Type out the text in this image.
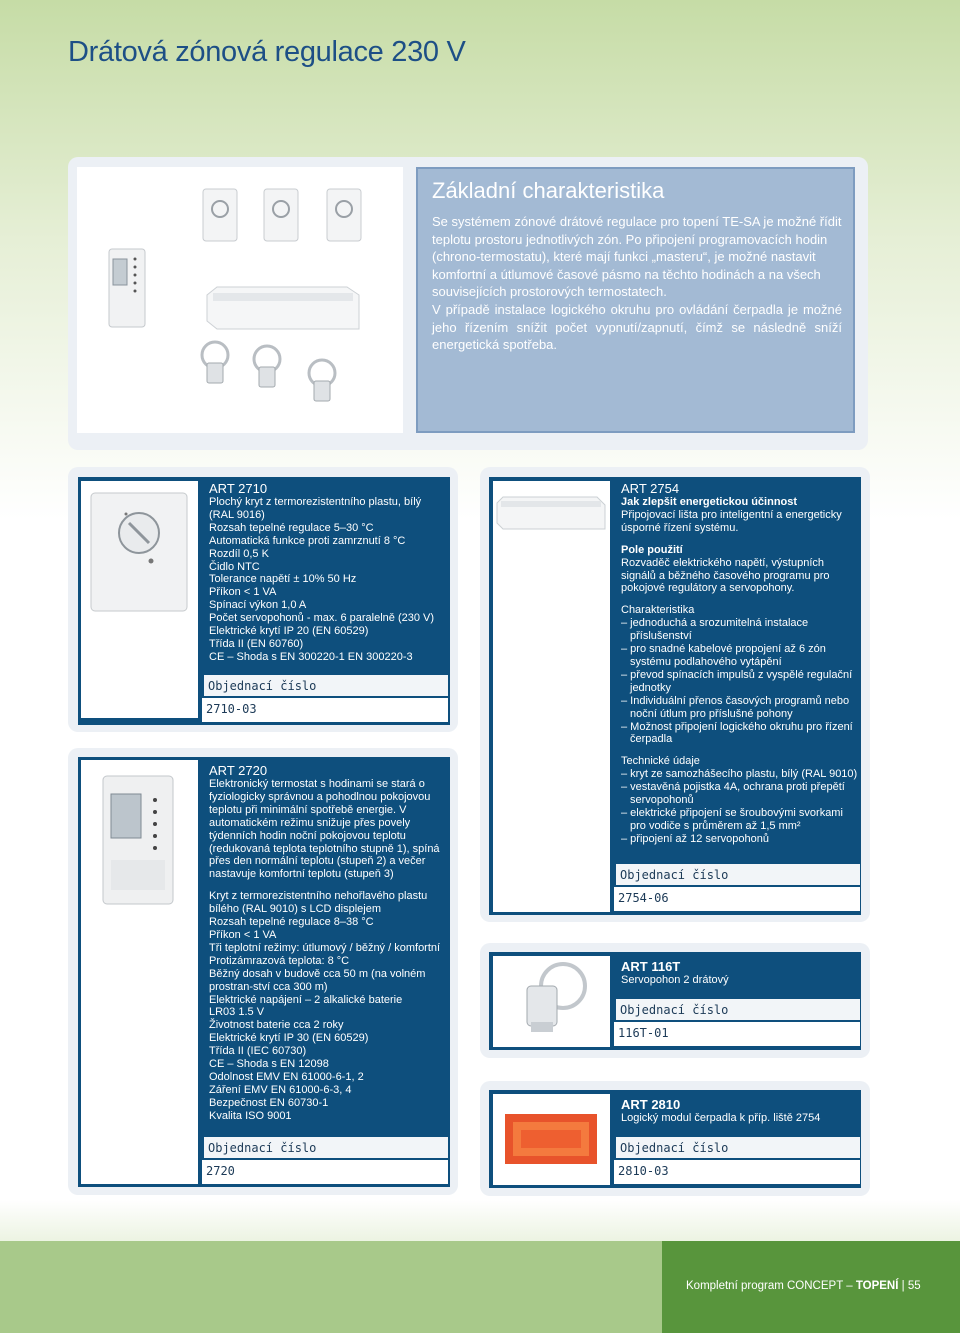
Drátová zónová regulace 230 V
Základní charakteristika

Se systémem zónové drátové regulace pro topení TE-SA je možné řídit teplotu prostoru jednotlivých zón. Po připojení programovacích hodin (chrono-termostatu), které mají funkci „masteru“, je možné nastavit komfortní a útlumové časové pásmo na těchto hodinách a na všech souvisejících prostorových termostatech.

V případě instalace logického okruhu pro ovládání čerpadla je možné jeho řízením snížit počet vypnutí/zapnutí, čímž se následně sníží energetická spotřeba.

ART 2710

Plochý kryt z termorezistentního plastu, bílý

(RAL 9016)

Rozsah tepelné regulace 5–30 °C

Automatická funkce proti zamrznutí 8 °C

Rozdíl 0,5 K

Čidlo NTC

Tolerance napětí ± 10% 50 Hz

Příkon < 1 VA

Spínací výkon 1,0 A

Počet servopohonů - max. 6 paralelně (230 V)

Elektrické krytí IP 20 (EN 60529)

Třída II (EN 60760)

CE – Shoda s EN 300220-1 EN 300220-3

Objednací číslo
2710-03
ART 2720

Elektronický termostat s hodinami se stará o fyziologicky správnou a pohodlnou pokojovou teplotu při minimální spotřebě energie. V automatickém režimu snižuje přes povely týdenních hodin noční pokojovou teplotu (redukovaná teplota teplotního stupně 1), spíná přes den normální teplotu (stupeň 2) a večer nastavuje komfortní teplotu (stupeň 3)

Kryt z termorezistentního nehořlavého plastu

bílého (RAL 9010) s LCD displejem

Rozsah tepelné regulace 8–38 °C

Příkon < 1 VA

Tři teplotní režimy: útlumový / běžný / komfortní

Protizámrazová teplota: 8 °C

Běžný dosah v budově cca 50 m (na volném

prostran-ství cca 300 m)

Elektrické napájení – 2 alkalické baterie

LR03 1.5 V

Životnost baterie cca 2 roky

Elektrické krytí IP 30 (EN 60529)

Třída II (IEC 60730)

CE – Shoda s EN 12098

Odolnost EMV EN 61000-6-1, 2

Záření EMV EN 61000-6-3, 4

Bezpečnost EN 60730-1

Kvalita ISO 9001

Objednací číslo
2720
ART 2754

Jak zlepšit energetickou účinnost

Připojovací lišta pro inteligentní a energeticky úsporné řízení systému.

Pole použití

Rozvaděč elektrického napětí, výstupních signálů a běžného časového programu pro pokojové regulátory a servopohony.

Charakteristika

– jednoduchá a srozumitelná instalace příslušenství
– pro snadné kabelové propojení až 6 zón systému podlahového vytápění
– převod spínacích impulsů z vyspělé regulační jednotky
– Individuální přenos časových programů nebo noční útlum pro příslušné pohony
– Možnost připojení logického okruhu pro řízení čerpadla

Technické údaje

– kryt ze samozhášecího plastu, bílý (RAL 9010)
– vestavěná pojistka 4A, ochrana proti přepětí servopohonů
– elektrické připojení se šroubovými svorkami pro vodiče s průměrem až 1,5 mm²
– připojení až 12 servopohonů
Objednací číslo
2754-06
ART 116T

Servopohon 2 drátový

Objednací číslo
116T-01
ART 2810

Logický modul čerpadla k příp. liště 2754

Objednací číslo
2810-03
Kompletní program CONCEPT – TOPENÍ | 55
